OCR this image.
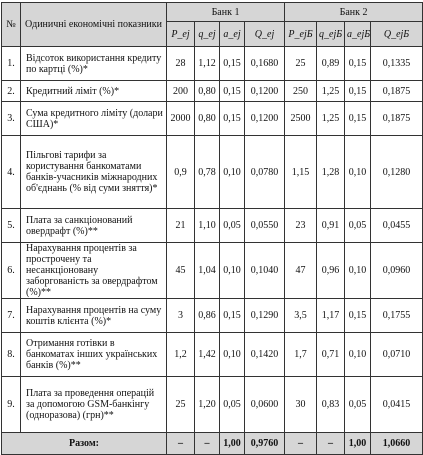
№	Одиничні економічні показники	Банк 1				Банк 2			
		P_ej	q_ej	a_ej	Q_ej	P_ejБ	q_ejБ	a_ejБ	Q_ejБ
1.	Відсоток використання кредиту по картці (%)*	28	1,12	0,15	0,1680	25	0,89	0,15	0,1335
2.	Кредитний ліміт (%)*	200	0,80	0,15	0,1200	250	1,25	0,15	0,1875
3.	Сума кредитного ліміту (долари США)*	2000	0,80	0,15	0,1200	2500	1,25	0,15	0,1875
4.	Пільгові тарифи за користування банкоматами банків-учасників міжнародних об'єднань (% від суми зняття)*	0,9	0,78	0,10	0,0780	1,15	1,28	0,10	0,1280
5.	Плата за санкціонований овердрафт (%)**	21	1,10	0,05	0,0550	23	0,91	0,05	0,0455
6.	Нарахування процентів за прострочену та несанкціоновану заборгованість за овердрафтом (%)**	45	1,04	0,10	0,1040	47	0,96	0,10	0,0960
7.	Нарахування процентів на суму коштів клієнта (%)*	3	0,86	0,15	0,1290	3,5	1,17	0,15	0,1755
8.	Отримання готівки в банкоматах інших українських банків (%)**	1,2	1,42	0,10	0,1420	1,7	0,71	0,10	0,0710
9.	Плата за проведення операцій за допомогою GSM-банкінгу (одноразова) (грн)**	25	1,20	0,05	0,0600	30	0,83	0,05	0,0415
Разом:		–	–	1,00	0,9760	–	–	1,00	1,0660
